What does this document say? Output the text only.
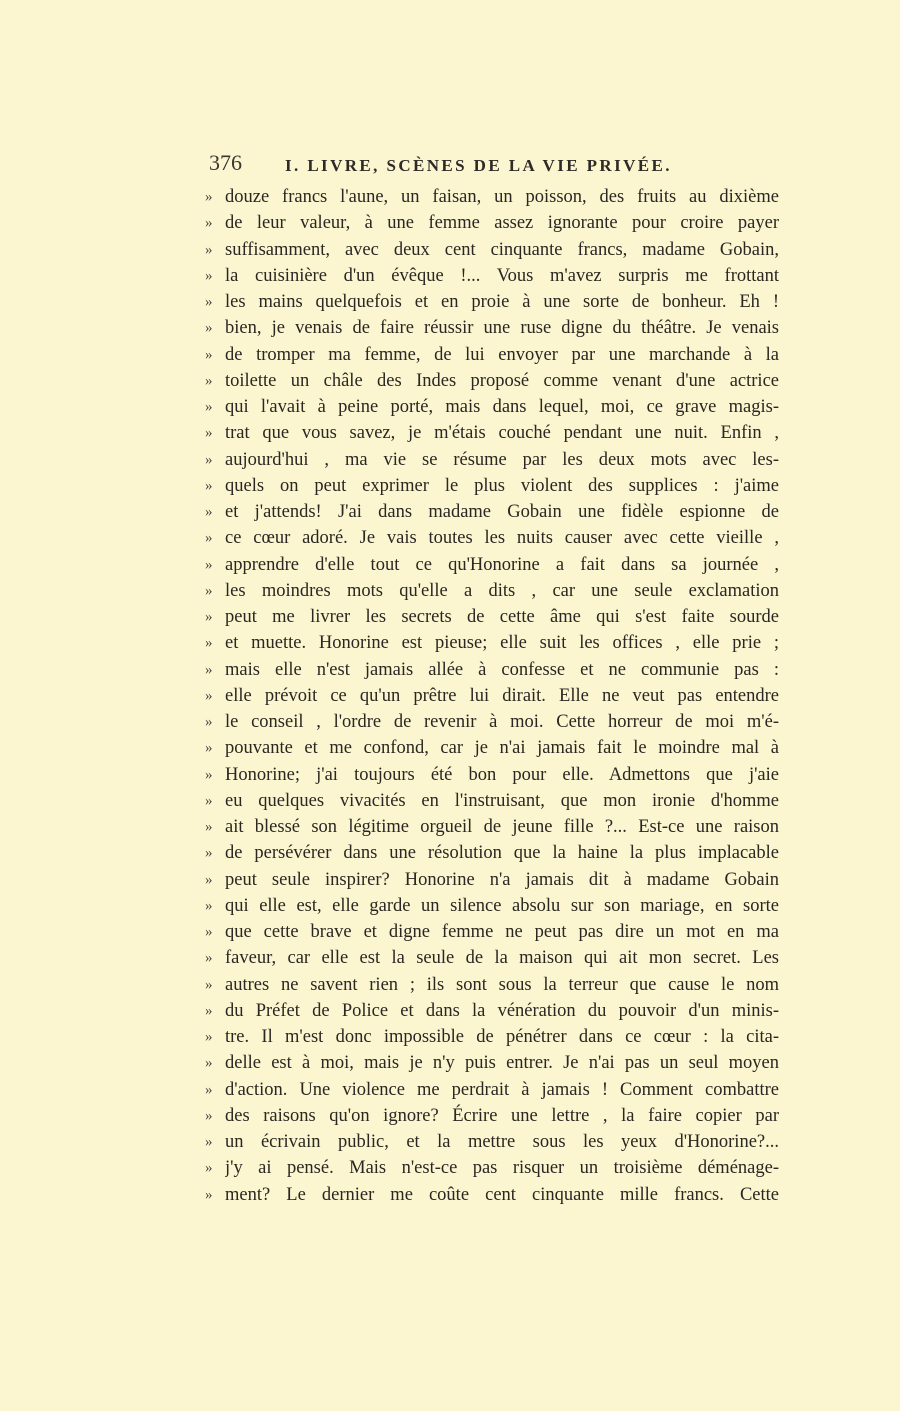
376	I. LIVRE, SCÈNES DE LA VIE PRIVÉE.
» douze francs l'aune, un faisan, un poisson, des fruits au dixième
» de leur valeur, à une femme assez ignorante pour croire payer
» suffisamment, avec deux cent cinquante francs, madame Gobain,
» la cuisinière d'un évêque !... Vous m'avez surpris me frottant
» les mains quelquefois et en proie à une sorte de bonheur. Eh !
» bien, je venais de faire réussir une ruse digne du théâtre. Je venais
» de tromper ma femme, de lui envoyer par une marchande à la
» toilette un châle des Indes proposé comme venant d'une actrice
» qui l'avait à peine porté, mais dans lequel, moi, ce grave magis-
» trat que vous savez, je m'étais couché pendant une nuit. Enfin ,
» aujourd'hui , ma vie se résume par les deux mots avec les-
» quels on peut exprimer le plus violent des supplices : j'aime
» et j'attends! J'ai dans madame Gobain une fidèle espionne de
» ce cœur adoré. Je vais toutes les nuits causer avec cette vieille ,
» apprendre d'elle tout ce qu'Honorine a fait dans sa journée ,
» les moindres mots qu'elle a dits , car une seule exclamation
» peut me livrer les secrets de cette âme qui s'est faite sourde
» et muette. Honorine est pieuse; elle suit les offices , elle prie ;
» mais elle n'est jamais allée à confesse et ne communie pas :
» elle prévoit ce qu'un prêtre lui dirait. Elle ne veut pas entendre
» le conseil , l'ordre de revenir à moi. Cette horreur de moi m'é-
» pouvante et me confond, car je n'ai jamais fait le moindre mal à
» Honorine; j'ai toujours été bon pour elle. Admettons que j'aie
» eu quelques vivacités en l'instruisant, que mon ironie d'homme
» ait blessé son légitime orgueil de jeune fille ?... Est-ce une raison
» de persévérer dans une résolution que la haine la plus implacable
» peut seule inspirer? Honorine n'a jamais dit à madame Gobain
» qui elle est, elle garde un silence absolu sur son mariage, en sorte
» que cette brave et digne femme ne peut pas dire un mot en ma
» faveur, car elle est la seule de la maison qui ait mon secret. Les
» autres ne savent rien ; ils sont sous la terreur que cause le nom
» du Préfet de Police et dans la vénération du pouvoir d'un minis-
» tre. Il m'est donc impossible de pénétrer dans ce cœur : la cita-
» delle est à moi, mais je n'y puis entrer. Je n'ai pas un seul moyen
» d'action. Une violence me perdrait à jamais ! Comment combattre
» des raisons qu'on ignore? Écrire une lettre , la faire copier par
» un écrivain public, et la mettre sous les yeux d'Honorine?...
» j'y ai pensé. Mais n'est-ce pas risquer un troisième déménage-
» ment? Le dernier me coûte cent cinquante mille francs. Cette
